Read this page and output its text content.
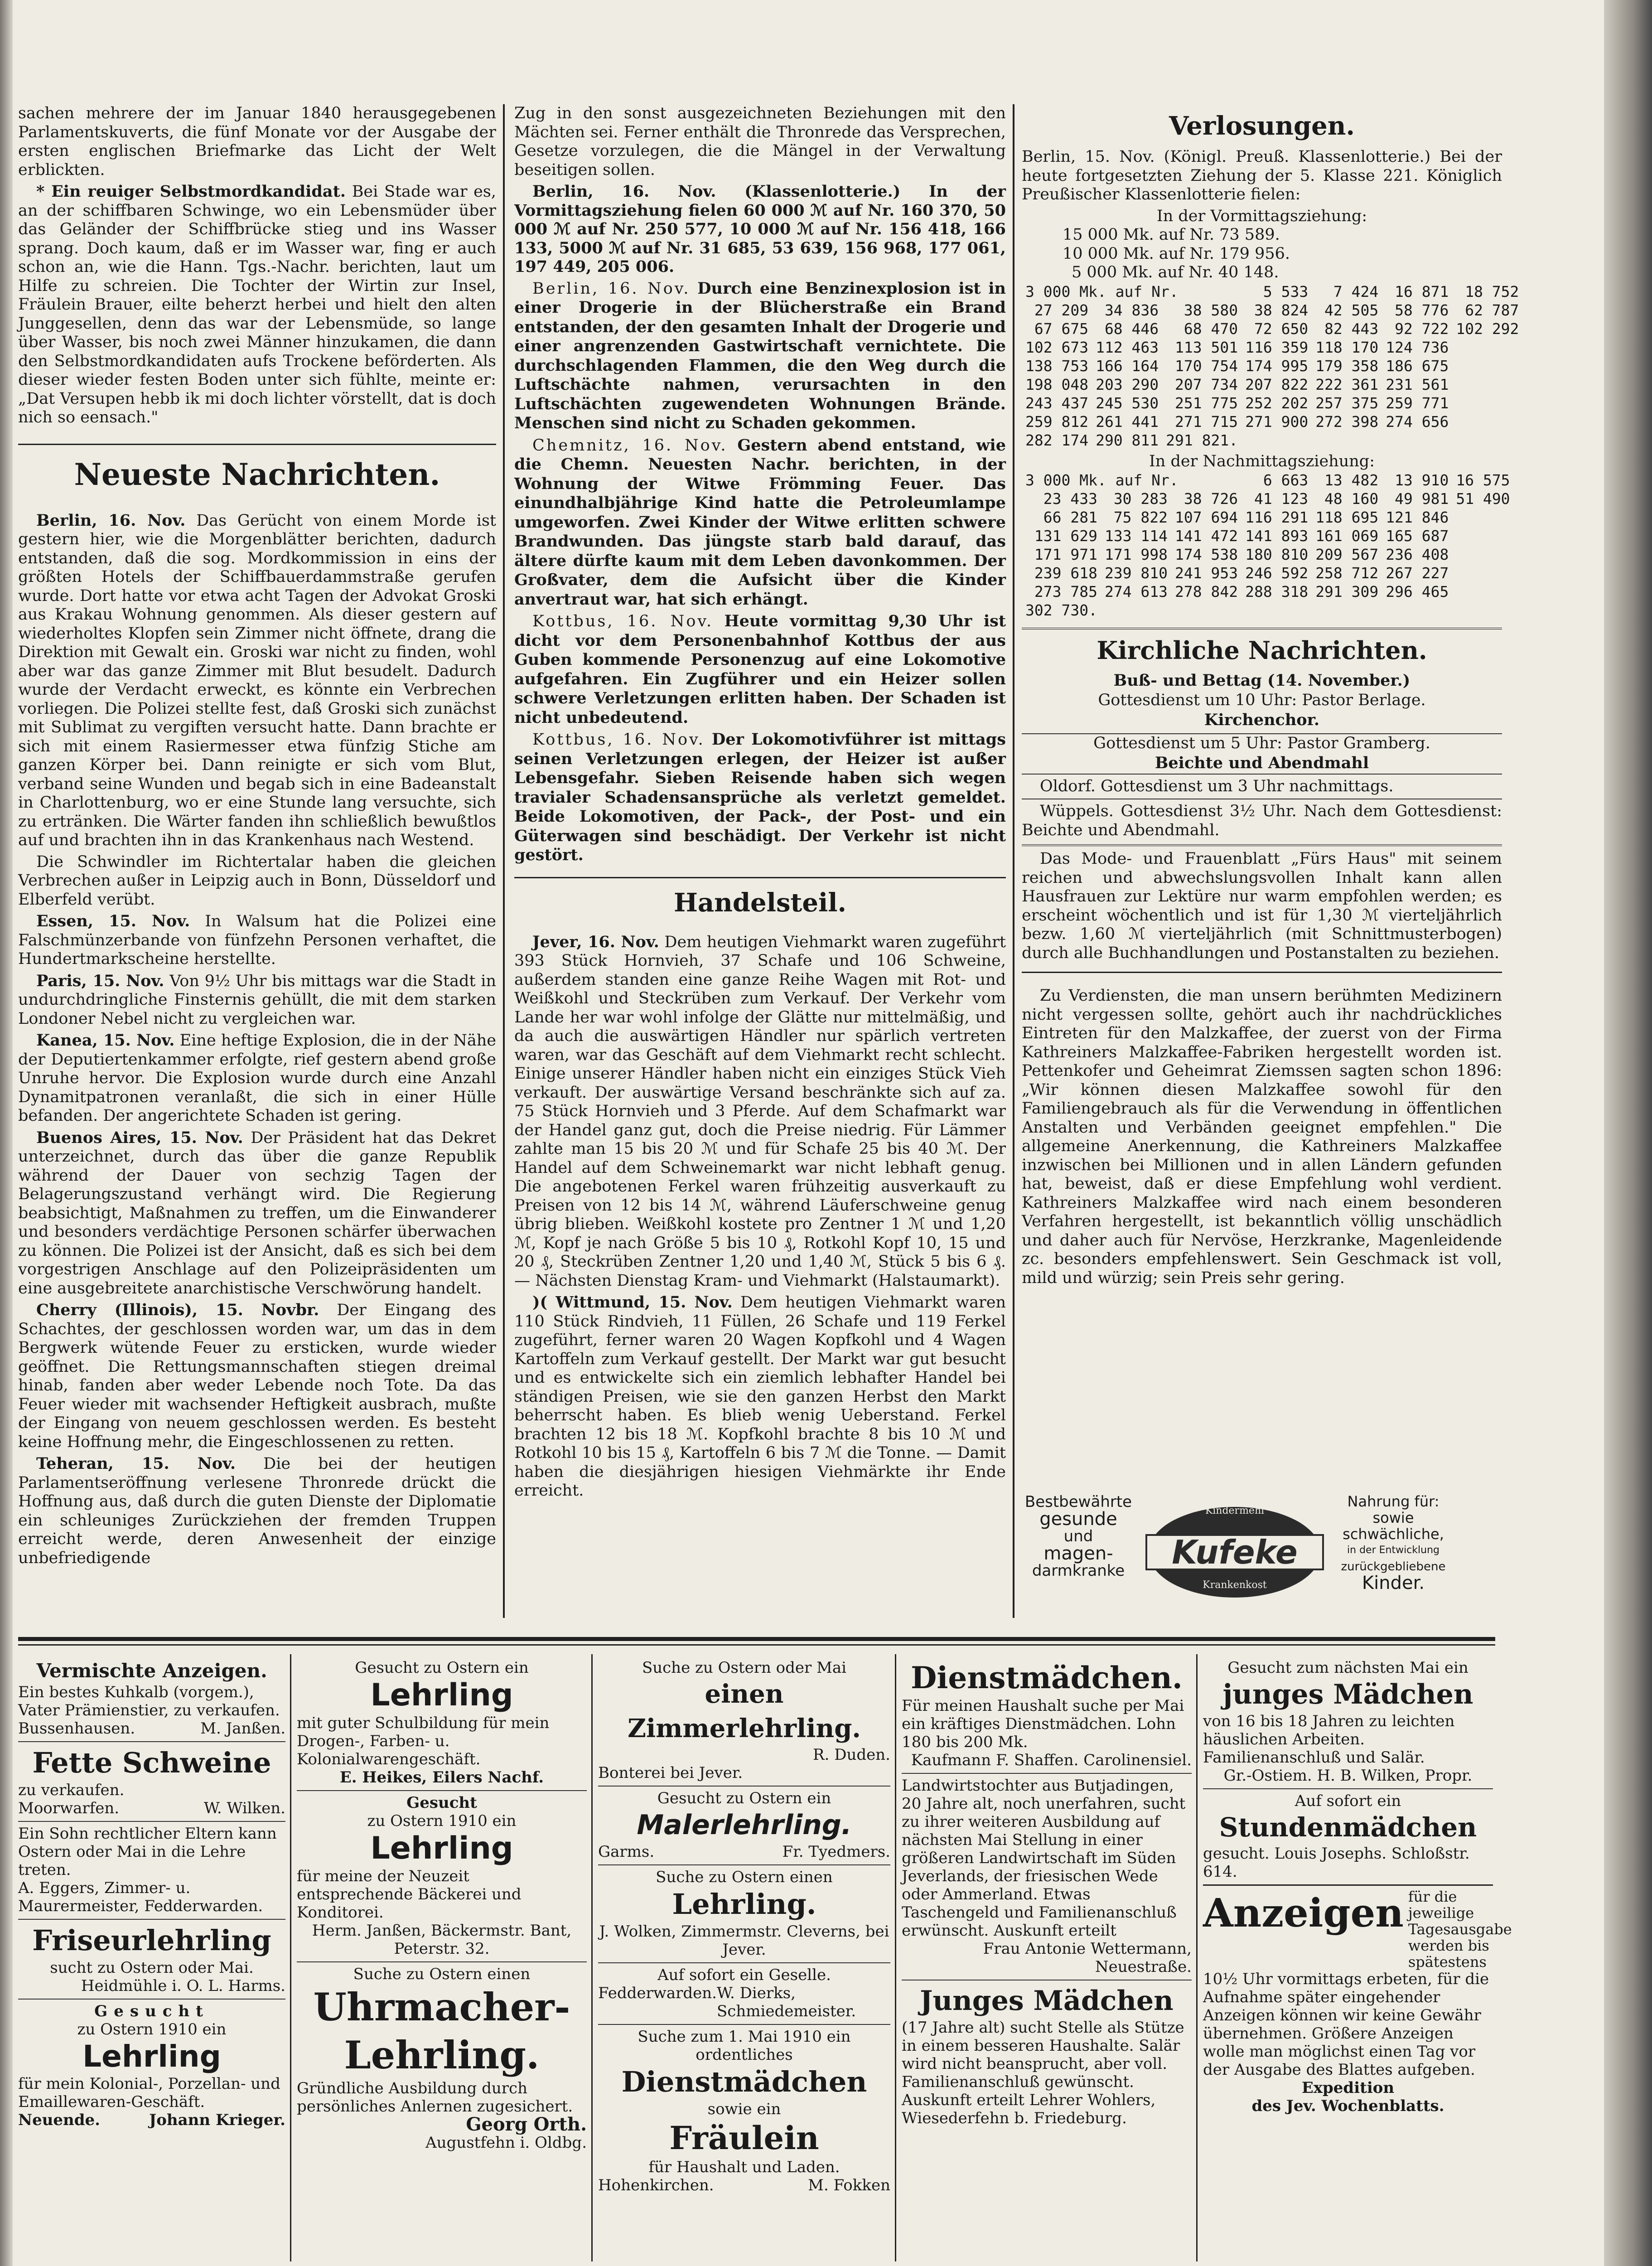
sachen mehrere der im Januar 1840 herausgegebenen Parlamentskuverts, die fünf Monate vor der Ausgabe der ersten englischen Briefmarke das Licht der Welt erblickten.

* Ein reuiger Selbstmordkandidat. Bei Stade war es, an der schiffbaren Schwinge, wo ein Lebensmüder über das Geländer der Schiffbrücke stieg und ins Wasser sprang. Doch kaum, daß er im Wasser war, fing er auch schon an, wie die Hann. Tgs.-Nachr. berichten, laut um Hilfe zu schreien. Die Tochter der Wirtin zur Insel, Fräulein Brauer, eilte beherzt herbei und hielt den alten Junggesellen, denn das war der Lebensmüde, so lange über Wasser, bis noch zwei Männer hinzukamen, die dann den Selbstmordkandidaten aufs Trockene beförderten. Als dieser wieder festen Boden unter sich fühlte, meinte er: „Dat Versupen hebb ik mi doch lichter vörstellt, dat is doch nich so eensach."

Neueste Nachrichten.

Berlin, 16. Nov. Das Gerücht von einem Morde ist gestern hier, wie die Morgenblätter berichten, dadurch entstanden, daß die sog. Mordkommission in eins der größten Hotels der Schiffbauerdammstraße gerufen wurde. Dort hatte vor etwa acht Tagen der Advokat Groski aus Krakau Wohnung genommen. Als dieser gestern auf wiederholtes Klopfen sein Zimmer nicht öffnete, drang die Direktion mit Gewalt ein. Groski war nicht zu finden, wohl aber war das ganze Zimmer mit Blut besudelt. Dadurch wurde der Verdacht erweckt, es könnte ein Verbrechen vorliegen. Die Polizei stellte fest, daß Groski sich zunächst mit Sublimat zu vergiften versucht hatte. Dann brachte er sich mit einem Rasiermesser etwa fünfzig Stiche am ganzen Körper bei. Dann reinigte er sich vom Blut, verband seine Wunden und begab sich in eine Badeanstalt in Charlottenburg, wo er eine Stunde lang versuchte, sich zu ertränken. Die Wärter fanden ihn schließlich bewußtlos auf und brachten ihn in das Krankenhaus nach Westend.

Die Schwindler im Richtertalar haben die gleichen Verbrechen außer in Leipzig auch in Bonn, Düsseldorf und Elberfeld verübt.

Essen, 15. Nov. In Walsum hat die Polizei eine Falschmünzerbande von fünfzehn Personen verhaftet, die Hundertmarkscheine herstellte.

Paris, 15. Nov. Von 9½ Uhr bis mittags war die Stadt in undurchdringliche Finsternis gehüllt, die mit dem starken Londoner Nebel nicht zu vergleichen war.

Kanea, 15. Nov. Eine heftige Explosion, die in der Nähe der Deputiertenkammer erfolgte, rief gestern abend große Unruhe hervor. Die Explosion wurde durch eine Anzahl Dynamitpatronen veranlaßt, die sich in einer Hülle befanden. Der angerichtete Schaden ist gering.

Buenos Aires, 15. Nov. Der Präsident hat das Dekret unterzeichnet, durch das über die ganze Republik während der Dauer von sechzig Tagen der Belagerungszustand verhängt wird. Die Regierung beabsichtigt, Maßnahmen zu treffen, um die Einwanderer und besonders verdächtige Personen schärfer überwachen zu können. Die Polizei ist der Ansicht, daß es sich bei dem vorgestrigen Anschlage auf den Polizeipräsidenten um eine ausgebreitete anarchistische Verschwörung handelt.

Cherry (Illinois), 15. Novbr. Der Eingang des Schachtes, der geschlossen worden war, um das in dem Bergwerk wütende Feuer zu ersticken, wurde wieder geöffnet. Die Rettungsmannschaften stiegen dreimal hinab, fanden aber weder Lebende noch Tote. Da das Feuer wieder mit wachsender Heftigkeit ausbrach, mußte der Eingang von neuem geschlossen werden. Es besteht keine Hoffnung mehr, die Eingeschlossenen zu retten.

Teheran, 15. Nov. Die bei der heutigen Parlamentseröffnung verlesene Thronrede drückt die Hoffnung aus, daß durch die guten Dienste der Diplomatie ein schleuniges Zurückziehen der fremden Truppen erreicht werde, deren Anwesenheit der einzige unbefriedigende

Zug in den sonst ausgezeichneten Beziehungen mit den Mächten sei. Ferner enthält die Thronrede das Versprechen, Gesetze vorzulegen, die die Mängel in der Verwaltung beseitigen sollen.

Berlin, 16. Nov. (Klassenlotterie.) In der Vormittagsziehung fielen 60 000 ℳ auf Nr. 160 370, 50 000 ℳ auf Nr. 250 577, 10 000 ℳ auf Nr. 156 418, 166 133, 5000 ℳ auf Nr. 31 685, 53 639, 156 968, 177 061, 197 449, 205 006.

Berlin, 16. Nov. Durch eine Benzinexplosion ist in einer Drogerie in der Blücherstraße ein Brand entstanden, der den gesamten Inhalt der Drogerie und einer angrenzenden Gastwirtschaft vernichtete. Die durchschlagenden Flammen, die den Weg durch die Luftschächte nahmen, verursachten in den Luftschächten zugewendeten Wohnungen Brände. Menschen sind nicht zu Schaden gekommen.

Chemnitz, 16. Nov. Gestern abend entstand, wie die Chemn. Neuesten Nachr. berichten, in der Wohnung der Witwe Frömming Feuer. Das einundhalbjährige Kind hatte die Petroleumlampe umgeworfen. Zwei Kinder der Witwe erlitten schwere Brandwunden. Das jüngste starb bald darauf, das ältere dürfte kaum mit dem Leben davonkommen. Der Großvater, dem die Aufsicht über die Kinder anvertraut war, hat sich erhängt.

Kottbus, 16. Nov. Heute vormittag 9,30 Uhr ist dicht vor dem Personenbahnhof Kottbus der aus Guben kommende Personenzug auf eine Lokomotive aufgefahren. Ein Zugführer und ein Heizer sollen schwere Verletzungen erlitten haben. Der Schaden ist nicht unbedeutend.

Kottbus, 16. Nov. Der Lokomotivführer ist mittags seinen Verletzungen erlegen, der Heizer ist außer Lebensgefahr. Sieben Reisende haben sich wegen travialer Schadensansprüche als verletzt gemeldet. Beide Lokomotiven, der Pack-, der Post- und ein Güterwagen sind beschädigt. Der Verkehr ist nicht gestört.

Handelsteil.

Jever, 16. Nov. Dem heutigen Viehmarkt waren zugeführt 393 Stück Hornvieh, 37 Schafe und 106 Schweine, außerdem standen eine ganze Reihe Wagen mit Rot- und Weißkohl und Steckrüben zum Verkauf. Der Verkehr vom Lande her war wohl infolge der Glätte nur mittelmäßig, und da auch die auswärtigen Händler nur spärlich vertreten waren, war das Geschäft auf dem Viehmarkt recht schlecht. Einige unserer Händler haben nicht ein einziges Stück Vieh verkauft. Der auswärtige Versand beschränkte sich auf za. 75 Stück Hornvieh und 3 Pferde. Auf dem Schafmarkt war der Handel ganz gut, doch die Preise niedrig. Für Lämmer zahlte man 15 bis 20 ℳ und für Schafe 25 bis 40 ℳ. Der Handel auf dem Schweinemarkt war nicht lebhaft genug. Die angebotenen Ferkel waren frühzeitig ausverkauft zu Preisen von 12 bis 14 ℳ, während Läuferschweine genug übrig blieben. Weißkohl kostete pro Zentner 1 ℳ und 1,20 ℳ, Kopf je nach Größe 5 bis 10 ₰, Rotkohl Kopf 10, 15 und 20 ₰, Steckrüben Zentner 1,20 und 1,40 ℳ, Stück 5 bis 6 ₰. — Nächsten Dienstag Kram- und Viehmarkt (Halstaumarkt).

)( Wittmund, 15. Nov. Dem heutigen Viehmarkt waren 110 Stück Rindvieh, 11 Füllen, 26 Schafe und 119 Ferkel zugeführt, ferner waren 20 Wagen Kopfkohl und 4 Wagen Kartoffeln zum Verkauf gestellt. Der Markt war gut besucht und es entwickelte sich ein ziemlich lebhafter Handel bei ständigen Preisen, wie sie den ganzen Herbst den Markt beherrscht haben. Es blieb wenig Ueberstand. Ferkel brachten 12 bis 18 ℳ. Kopfkohl brachte 8 bis 10 ℳ und Rotkohl 10 bis 15 ₰, Kartoffeln 6 bis 7 ℳ die Tonne. — Damit haben die diesjährigen hiesigen Viehmärkte ihr Ende erreicht.

Verlosungen.

Berlin, 15. Nov. (Königl. Preuß. Klassenlotterie.) Bei der heute fortgesetzten Ziehung der 5. Klasse 221. Königlich Preußischer Klassenlotterie fielen:

In der Vormittagsziehung:
15 000 Mk. auf Nr. 73 589.
10 000 Mk. auf Nr. 179 956.
5 000 Mk. auf Nr. 40 148.
3 000 Mk. auf Nr.			5 533	7 424	16 871	18 752
27 209	34 836	38 580	38 824	42 505	58 776	62 787
67 675	68 446	68 470	72 650	82 443	92 722	102 292
102 673	112 463	113 501	116 359	118 170	124 736	
138 753	166 164	170 754	174 995	179 358	186 675	
198 048	203 290	207 734	207 822	222 361	231 561	
243 437	245 530	251 775	252 202	257 375	259 771	
259 812	261 441	271 715	271 900	272 398	274 656	
282 174	290 811	291 821.				
In der Nachmittagsziehung:
3 000 Mk. auf Nr.			6 663	13 482	13 910	16 575
23 433	30 283	38 726	41 123	48 160	49 981	51 490
66 281	75 822	107 694	116 291	118 695	121 846	
131 629	133 114	141 472	141 893	161 069	165 687	
171 971	171 998	174 538	180 810	209 567	236 408	
239 618	239 810	241 953	246 592	258 712	267 227	
273 785	274 613	278 842	288 318	291 309	296 465	
302 730.						
Kirchliche Nachrichten.
Buß- und Bettag (14. November.)
Gottesdienst um 10 Uhr: Pastor Berlage.
Kirchenchor.
Gottesdienst um 5 Uhr: Pastor Gramberg.
Beichte und Abendmahl

Oldorf. Gottesdienst um 3 Uhr nachmittags.

Wüppels. Gottesdienst 3½ Uhr. Nach dem Gottesdienst: Beichte und Abendmahl.

Das Mode- und Frauenblatt „Fürs Haus" mit seinem reichen und abwechslungsvollen Inhalt kann allen Hausfrauen zur Lektüre nur warm empfohlen werden; es erscheint wöchentlich und ist für 1,30 ℳ vierteljährlich bezw. 1,60 ℳ vierteljährlich (mit Schnittmusterbogen) durch alle Buchhandlungen und Postanstalten zu beziehen.

Zu Verdiensten, die man unsern berühmten Medizinern nicht vergessen sollte, gehört auch ihr nachdrückliches Eintreten für den Malzkaffee, der zuerst von der Firma Kathreiners Malzkaffee-Fabriken hergestellt worden ist. Pettenkofer und Geheimrat Ziemssen sagten schon 1896: „Wir können diesen Malzkaffee sowohl für den Familiengebrauch als für die Verwendung in öffentlichen Anstalten und Verbänden geeignet empfehlen." Die allgemeine Anerkennung, die Kathreiners Malzkaffee inzwischen bei Millionen und in allen Ländern gefunden hat, beweist, daß er diese Empfehlung wohl verdient. Kathreiners Malzkaffee wird nach einem besonderen Verfahren hergestellt, ist bekanntlich völlig unschädlich und daher auch für Nervöse, Herzkranke, Magenleidende zc. besonders empfehlenswert. Sein Geschmack ist voll, mild und würzig; sein Preis sehr gering.

Bestbewährte
gesunde
und
magen-
darmkranke	Kufeke
Kindermehl
Krankenkost
Nahrung für:
sowie
schwächliche,
in der Entwicklung
zurückgebliebene
Kinder.
Vermischte Anzeigen.
Ein bestes Kuhkalb (vorgem.), Vater Prämienstier, zu verkaufen.
Bussenhausen.	M. Janßen.
Fette Schweine
zu verkaufen.
Moorwarfen.	W. Wilken.
Ein Sohn rechtlicher Eltern kann Ostern oder Mai in die Lehre treten.
A. Eggers, Zimmer- u. Maurermeister, Fedderwarden.
Friseurlehrling
sucht zu Ostern oder Mai.
Heidmühle i. O. L. Harms.
Gesucht
zu Ostern 1910 ein
Lehrling
für mein Kolonial-, Porzellan- und Emaillewaren-Geschäft.
Neuende.	Johann Krieger.
Gesucht zu Ostern ein
Lehrling
mit guter Schulbildung für mein Drogen-, Farben- u. Kolonialwarengeschäft.
E. Heikes, Eilers Nachf.
Gesucht
zu Ostern 1910 ein
Lehrling
für meine der Neuzeit entsprechende Bäckerei und Konditorei.
Herm. Janßen, Bäckermstr. Bant, Peterstr. 32.
Suche zu Ostern einen
Uhrmacher-
Lehrling.
Gründliche Ausbildung durch persönliches Anlernen zugesichert.
Georg Orth.
Augustfehn i. Oldbg.
Suche zu Ostern oder Mai
einen Zimmerlehrling.
R. Duden.
Bonterei bei Jever.
Gesucht zu Ostern ein
Malerlehrling.
Garms.	Fr. Tyedmers.
Suche zu Ostern einen
Lehrling.
J. Wolken, Zimmermstr. Cleverns, bei Jever.
Auf sofort ein Geselle.
Fedderwarden. W. Dierks, Schmiedemeister.
Suche zum 1. Mai 1910 ein ordentliches
Dienstmädchen
sowie ein
Fräulein
für Haushalt und Laden.
Hohenkirchen.	M. Fokken
Dienstmädchen.
Für meinen Haushalt suche per Mai ein kräftiges Dienstmädchen. Lohn 180 bis 200 Mk.
Kaufmann F. Shaffen. Carolinensiel.
Landwirtstochter aus Butjadingen, 20 Jahre alt, noch unerfahren, sucht zu ihrer weiteren Ausbildung auf nächsten Mai Stellung in einer größeren Landwirtschaft im Süden Jeverlands, der friesischen Wede oder Ammerland. Etwas Taschengeld und Familienanschluß erwünscht. Auskunft erteilt
Frau Antonie Wettermann, Neuestraße.
Junges Mädchen
(17 Jahre alt) sucht Stelle als Stütze in einem besseren Haushalte. Salär wird nicht beansprucht, aber voll. Familienanschluß gewünscht.
Auskunft erteilt Lehrer Wohlers, Wiesederfehn b. Friedeburg.
Gesucht zum nächsten Mai ein
junges Mädchen
von 16 bis 18 Jahren zu leichten häuslichen Arbeiten. Familienanschluß und Salär.
Gr.-Ostiem. H. B. Wilken, Propr.
Auf sofort ein
Stundenmädchen
gesucht. Louis Josephs. Schloßstr. 614.
Anzeigen für die jeweilige Tagesausgabe werden bis spätestens
10½ Uhr vormittags erbeten, für die Aufnahme später eingehender Anzeigen können wir keine Gewähr übernehmen. Größere Anzeigen wolle man möglichst einen Tag vor der Ausgabe des Blattes aufgeben.
Expedition
des Jev. Wochenblatts.
